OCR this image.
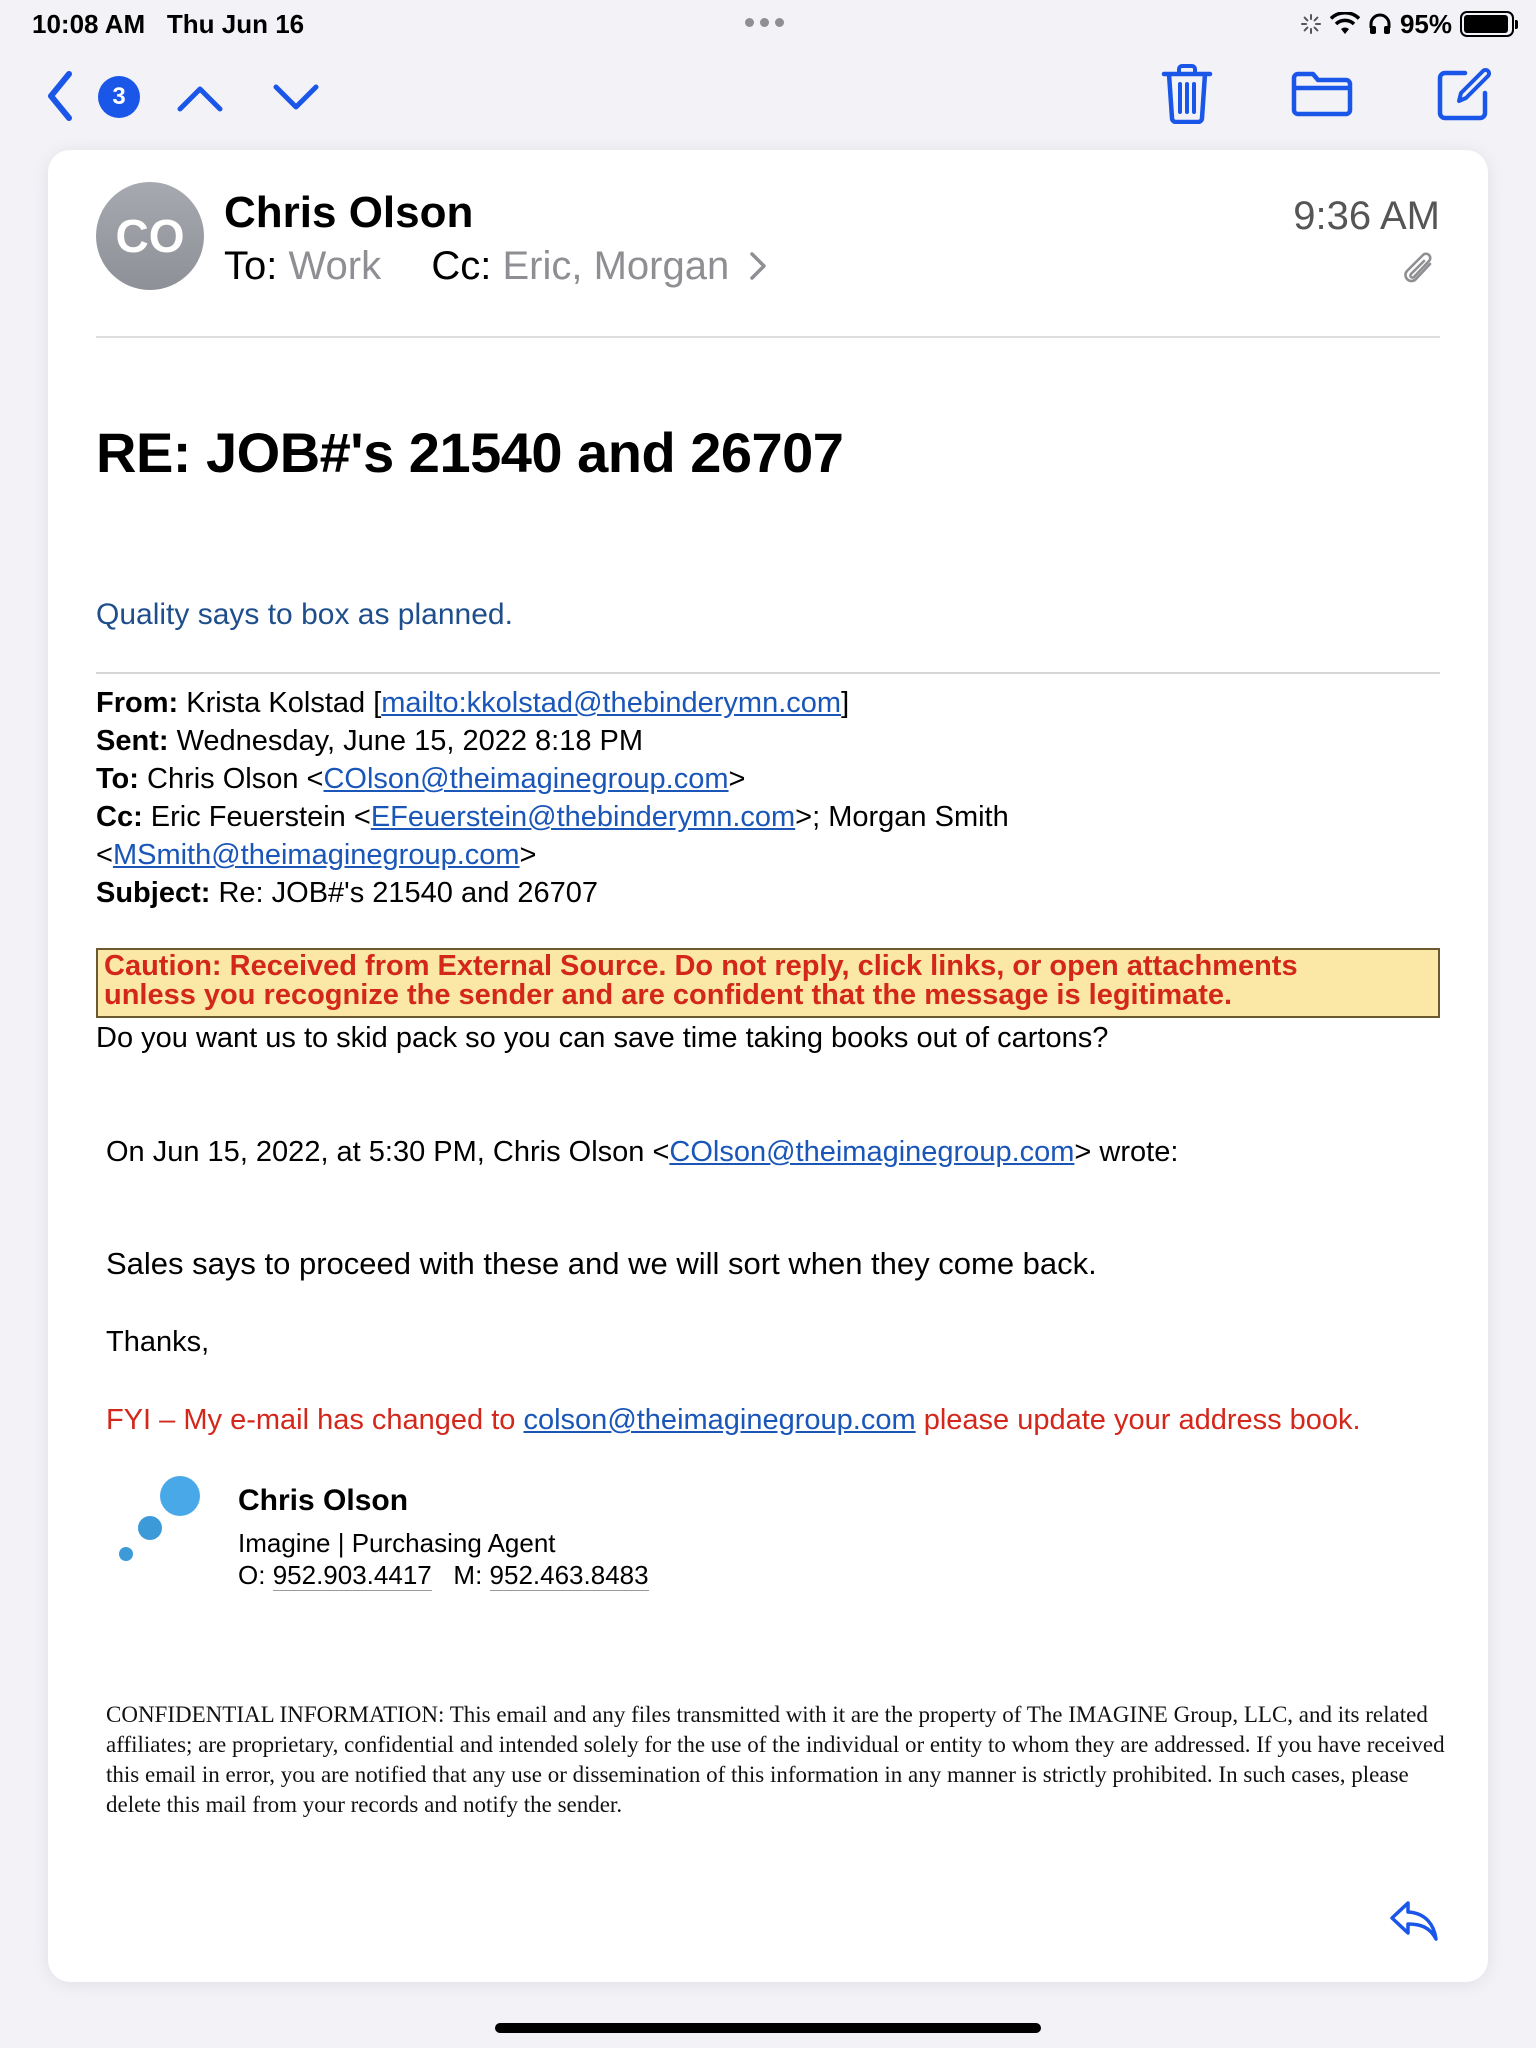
10:08 AM Thu Jun 16	95%
3
CO Chris Olson
To: Work Cc: Eric, Morgan
9:36 AM
RE: JOB#'s 21540 and 26707
Quality says to box as planned.
From: Krista Kolstad [mailto:kkolstad@thebinderymn.com]
Sent: Wednesday, June 15, 2022 8:18 PM
To: Chris Olson <COlson@theimaginegroup.com>
Cc: Eric Feuerstein <EFeuerstein@thebinderymn.com>; Morgan Smith
<MSmith@theimaginegroup.com>
Subject: Re: JOB#'s 21540 and 26707
Caution: Received from External Source. Do not reply, click links, or open attachments
unless you recognize the sender and are confident that the message is legitimate.
Do you want us to skid pack so you can save time taking books out of cartons?
On Jun 15, 2022, at 5:30 PM, Chris Olson <COlson@theimaginegroup.com> wrote:
Sales says to proceed with these and we will sort when they come back.
Thanks,
FYI – My e-mail has changed to colson@theimaginegroup.com please update your address book.
Chris Olson
Imagine | Purchasing Agent
O: 952.903.4417 M: 952.463.8483
CONFIDENTIAL INFORMATION: This email and any files transmitted with it are the property of The IMAGINE Group, LLC, and its related affiliates; are proprietary, confidential and intended solely for the use of the individual or entity to whom they are addressed. If you have received this email in error, you are notified that any use or dissemination of this information in any manner is strictly prohibited. In such cases, please delete this mail from your records and notify the sender.
